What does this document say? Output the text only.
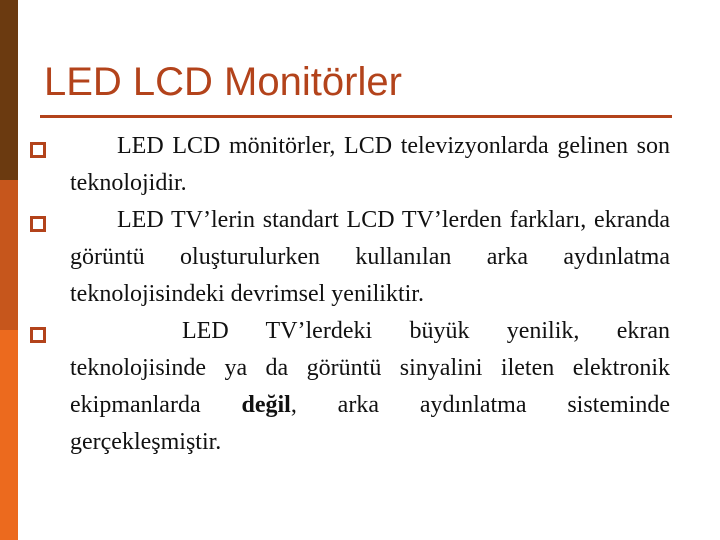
LED LCD Monitörler
LED LCD mönitörler, LCD televizyonlarda gelinen son teknolojidir.
LED TV’lerin standart LCD TV’lerden farkları, ekranda görüntü oluşturulurken kullanılan arka aydınlatma teknolojisindeki devrimsel yeniliktir.
LED TV’lerdeki büyük yenilik, ekran teknolojisinde ya da görüntü sinyalini ileten elektronik ekipmanlarda değil, arka aydınlatma sisteminde gerçekleşmiştir.
